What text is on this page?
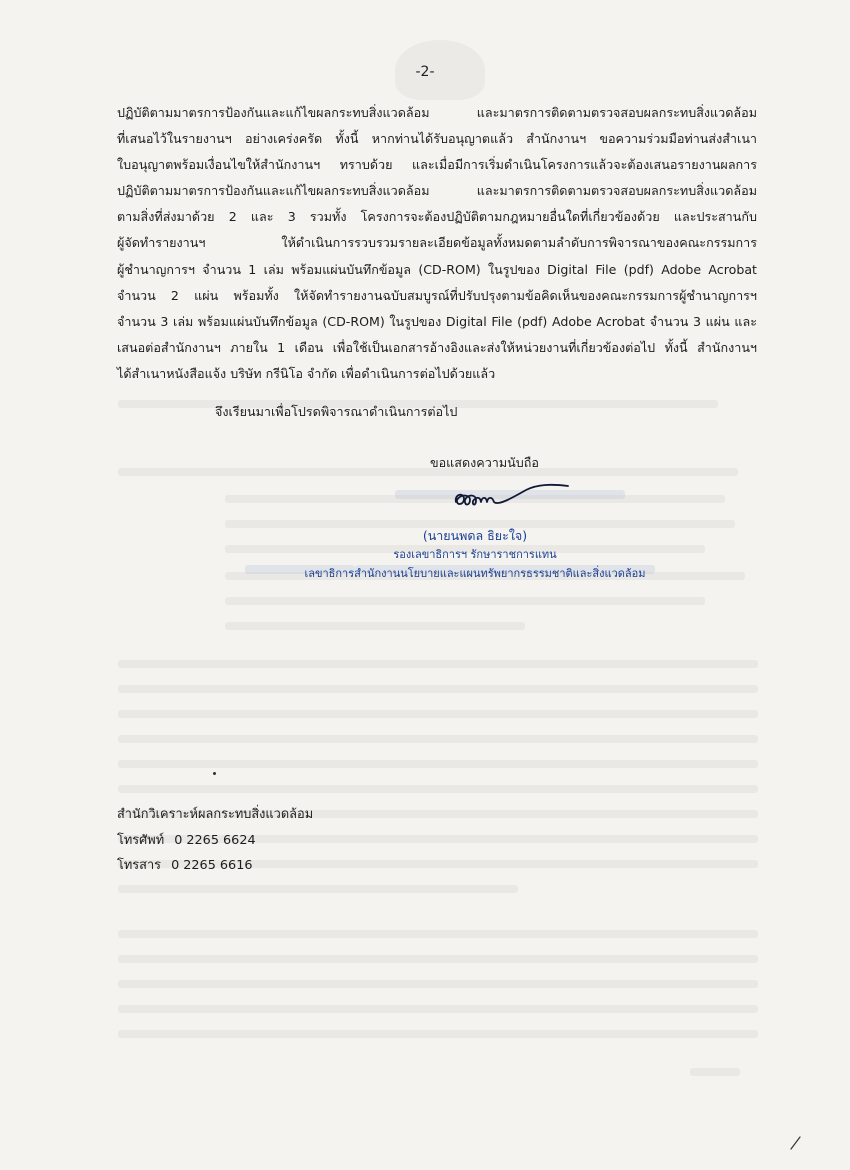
-2-
ปฏิบัติตามมาตรการป้องกันและแก้ไขผลกระทบสิ่งแวดล้อม และมาตรการติดตามตรวจสอบผลกระทบสิ่งแวดล้อม
ที่เสนอไว้ในรายงานฯ อย่างเคร่งครัด ทั้งนี้ หากท่านได้รับอนุญาตแล้ว สำนักงานฯ ขอความร่วมมือท่านส่งสำเนา
ใบอนุญาตพร้อมเงื่อนไขให้สำนักงานฯ ทราบด้วย และเมื่อมีการเริ่มดำเนินโครงการแล้วจะต้องเสนอรายงานผลการ
ปฏิบัติตามมาตรการป้องกันและแก้ไขผลกระทบสิ่งแวดล้อม และมาตรการติดตามตรวจสอบผลกระทบสิ่งแวดล้อม
ตามสิ่งที่ส่งมาด้วย 2 และ 3 รวมทั้ง โครงการจะต้องปฏิบัติตามกฎหมายอื่นใดที่เกี่ยวข้องด้วย และประสานกับ
ผู้จัดทำรายงานฯ ให้ดำเนินการรวบรวมรายละเอียดข้อมูลทั้งหมดตามลำดับการพิจารณาของคณะกรรมการ
ผู้ชำนาญการฯ จำนวน 1 เล่ม พร้อมแผ่นบันทึกข้อมูล (CD-ROM) ในรูปของ Digital File (pdf) Adobe Acrobat
จำนวน 2 แผ่น พร้อมทั้ง ให้จัดทำรายงานฉบับสมบูรณ์ที่ปรับปรุงตามข้อคิดเห็นของคณะกรรมการผู้ชำนาญการฯ
จำนวน 3 เล่ม พร้อมแผ่นบันทึกข้อมูล (CD-ROM) ในรูปของ Digital File (pdf) Adobe Acrobat จำนวน 3 แผ่น และ
เสนอต่อสำนักงานฯ ภายใน 1 เดือน เพื่อใช้เป็นเอกสารอ้างอิงและส่งให้หน่วยงานที่เกี่ยวข้องต่อไป ทั้งนี้ สำนักงานฯ
ได้สำเนาหนังสือแจ้ง บริษัท กรีนิโอ จำกัด เพื่อดำเนินการต่อไปด้วยแล้ว
จึงเรียนมาเพื่อโปรดพิจารณาดำเนินการต่อไป
ขอแสดงความนับถือ
(นายนพดล ธิยะใจ)
รองเลขาธิการฯ รักษาราชการแทน
เลขาธิการสำนักงานนโยบายและแผนทรัพยากรธรรมชาติและสิ่งแวดล้อม
สำนักวิเคราะห์ผลกระทบสิ่งแวดล้อม
โทรศัพท์ 0 2265 6624
โทรสาร 0 2265 6616
